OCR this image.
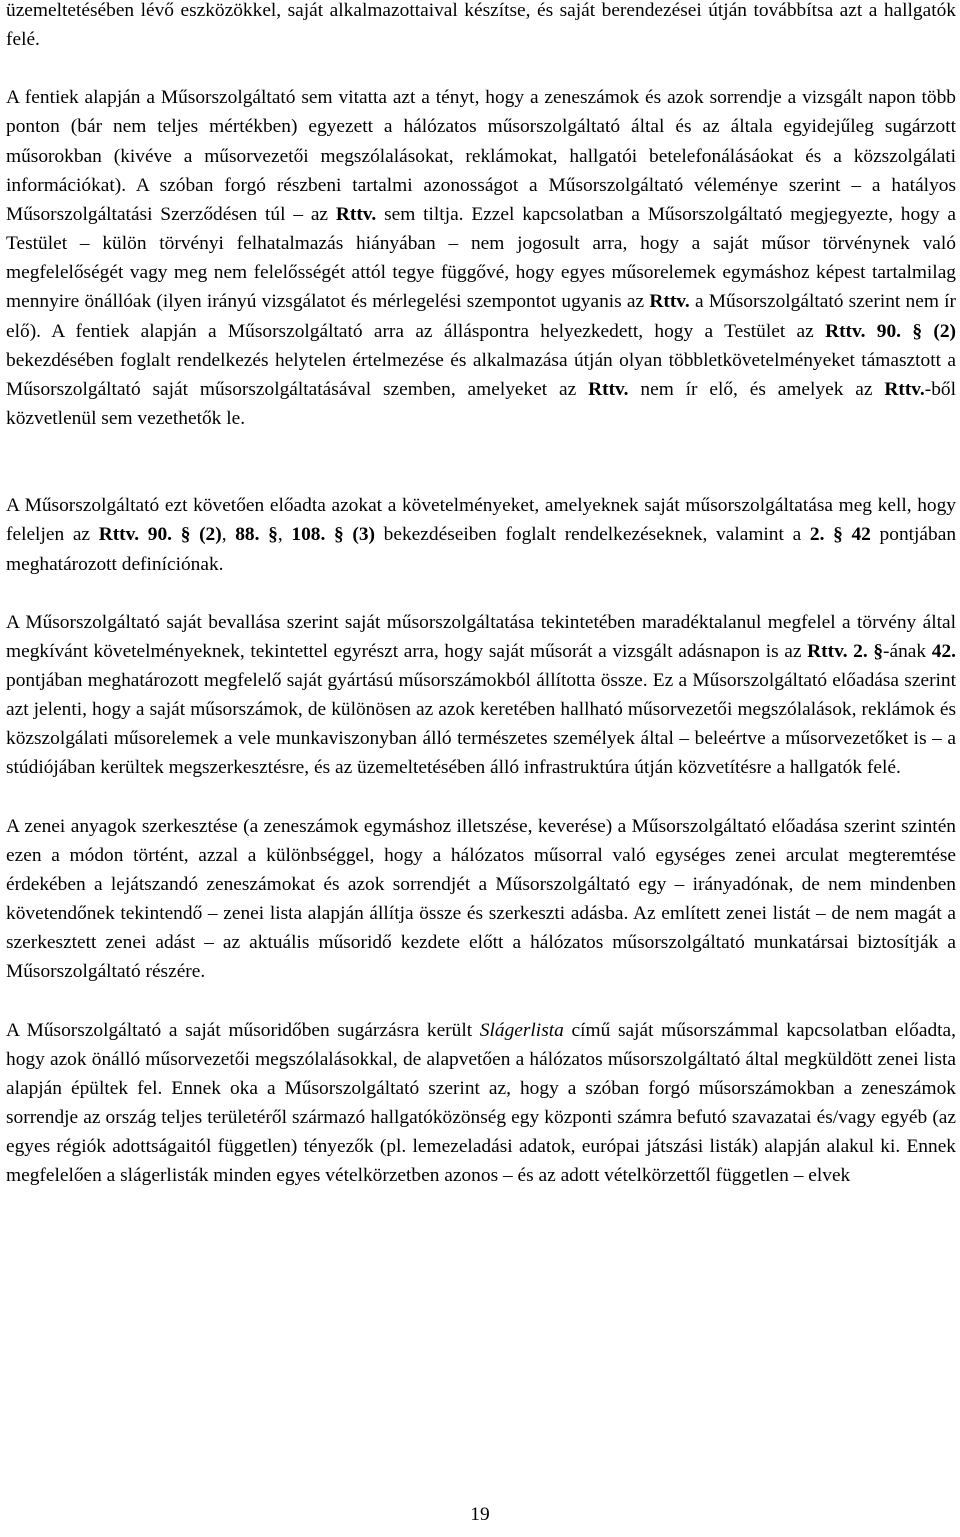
üzemeltetésében lévő eszközökkel, saját alkalmazottaival készítse, és saját berendezései útján továbbítsa azt a hallgatók felé.

A fentiek alapján a Műsorszolgáltató sem vitatta azt a tényt, hogy a zeneszámok és azok sorrendje a vizsgált napon több ponton (bár nem teljes mértékben) egyezett a hálózatos műsorszolgáltató által és az általa egyidejűleg sugárzott műsorokban (kivéve a műsorvezetői megszólalásokat, reklámokat, hallgatói betelefonálásáokat és a közszolgálati információkat). A szóban forgó részbeni tartalmi azonosságot a Műsorszolgáltató véleménye szerint – a hatályos Műsorszolgáltatási Szerződésen túl – az Rttv. sem tiltja. Ezzel kapcsolatban a Műsorszolgáltató megjegyezte, hogy a Testület – külön törvényi felhatalmazás hiányában – nem jogosult arra, hogy a saját műsor törvénynek való megfelelőségét vagy meg nem felelősségét attól tegye függővé, hogy egyes műsorelemek egymáshoz képest tartalmilag mennyire önállóak (ilyen irányú vizsgálatot és mérlegelési szempontot ugyanis az Rttv. a Műsorszolgáltató szerint nem ír elő). A fentiek alapján a Műsorszolgáltató arra az álláspontra helyezkedett, hogy a Testület az Rttv. 90. § (2) bekezdésében foglalt rendelkezés helytelen értelmezése és alkalmazása útján olyan többletkövetelményeket támasztott a Műsorszolgáltató saját műsorszolgáltatásával szemben, amelyeket az Rttv. nem ír elő, és amelyek az Rttv.-ből közvetlenül sem vezethetők le.

A Műsorszolgáltató ezt követően előadta azokat a követelményeket, amelyeknek saját műsorszolgáltatása meg kell, hogy feleljen az Rttv. 90. § (2), 88. §, 108. § (3) bekezdéseiben foglalt rendelkezéseknek, valamint a 2. § 42 pontjában meghatározott definíciónak.

A Műsorszolgáltató saját bevallása szerint saját műsorszolgáltatása tekintetében maradéktalanul megfelel a törvény által megkívánt követelményeknek, tekintettel egyrészt arra, hogy saját műsorát a vizsgált adásnapon is az Rttv. 2. §-ának 42. pontjában meghatározott megfelelő saját gyártású műsorszámokból állította össze. Ez a Műsorszolgáltató előadása szerint azt jelenti, hogy a saját műsorszámok, de különösen az azok keretében hallható műsorvezetői megszólalások, reklámok és közszolgálati műsorelemek a vele munkaviszonyban álló természetes személyek által – beleértve a műsorvezetőket is – a stúdiójában kerültek megszerkesztésre, és az üzemeltetésében álló infrastruktúra útján közvetítésre a hallgatók felé.

A zenei anyagok szerkesztése (a zeneszámok egymáshoz illetszése, keverése) a Műsorszolgáltató előadása szerint szintén ezen a módon történt, azzal a különbséggel, hogy a hálózatos műsorral való egységes zenei arculat megteremtése érdekében a lejátszandó zeneszámokat és azok sorrendjét a Műsorszolgáltató egy – irányadónak, de nem mindenben követendőnek tekintendő – zenei lista alapján állítja össze és szerkeszti adásba. Az említett zenei listát – de nem magát a szerkesztett zenei adást – az aktuális műsoridő kezdete előtt a hálózatos műsorszolgáltató munkatársai biztosítják a Műsorszolgáltató részére.

A Műsorszolgáltató a saját műsoridőben sugárzásra került Slágerlista című saját műsorszámmal kapcsolatban előadta, hogy azok önálló műsorvezetői megszólalásokkal, de alapvetően a hálózatos műsorszolgáltató által megküldött zenei lista alapján épültek fel. Ennek oka a Műsorszolgáltató szerint az, hogy a szóban forgó műsorszámokban a zeneszámok sorrendje az ország teljes területéről származó hallgatóközönség egy központi számra befutó szavazatai és/vagy egyéb (az egyes régiók adottságaitól független) tényezők (pl. lemezeladási adatok, európai játszási listák) alapján alakul ki. Ennek megfelelően a slágerlisták minden egyes vételkörzetben azonos – és az adott vételkörzettől független – elvek

19
